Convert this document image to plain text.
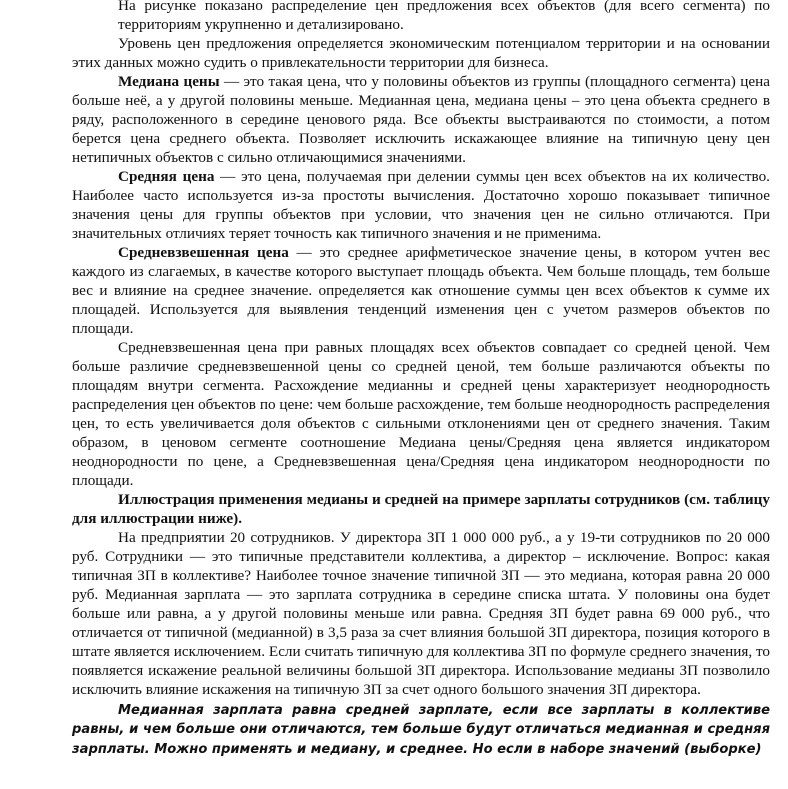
На рисунке показано распределение цен предложения всех объектов (для всего сегмента) по территориям укрупненно и детализировано.

Уровень цен предложения определяется экономическим потенциалом территории и на основании этих данных можно судить о привлекательности территории для бизнеса.

Медиана цены — это такая цена, что у половины объектов из группы (площадного сегмента) цена больше неё, а у другой половины меньше. Медианная цена, медиана цены – это цена объекта среднего в ряду, расположенного в середине ценового ряда. Все объекты выстраиваются по стоимости, а потом берется цена среднего объекта. Позволяет исключить искажающее влияние на типичную цену цен нетипичных объектов с сильно отличающимися значениями.

Средняя цена — это цена, получаемая при делении суммы цен всех объектов на их количество. Наиболее часто используется из-за простоты вычисления. Достаточно хорошо показывает типичное значения цены для группы объектов при условии, что значения цен не сильно отличаются. При значительных отличиях теряет точность как типичного значения и не применима.

Средневзвешенная цена — это среднее арифметическое значение цены, в котором учтен вес каждого из слагаемых, в качестве которого выступает площадь объекта. Чем больше площадь, тем больше вес и влияние на среднее значение. определяется как отношение суммы цен всех объектов к сумме их площадей. Используется для выявления тенденций изменения цен с учетом размеров объектов по площади.

Средневзвешенная цена при равных площадях всех объектов совпадает со средней ценой. Чем больше различие средневзвешенной цены со средней ценой, тем больше различаются объекты по площадям внутри сегмента. Расхождение медианны и средней цены характеризует неоднородность распределения цен объектов по цене: чем больше расхождение, тем больше неоднородность распределения цен, то есть увеличивается доля объектов с сильными отклонениями цен от среднего значения. Таким образом, в ценовом сегменте соотношение Медиана цены/Средняя цена является индикатором неоднородности по цене, а Средневзвешенная цена/Средняя цена индикатором неоднородности по площади.

Иллюстрация применения медианы и средней на примере зарплаты сотрудников (см. таблицу для иллюстрации ниже).

На предприятии 20 сотрудников. У директора ЗП 1 000 000 руб., а у 19-ти сотрудников по 20 000 руб. Сотрудники — это типичные представители коллектива, а директор – исключение. Вопрос: какая типичная ЗП в коллективе? Наиболее точное значение типичной ЗП — это медиана, которая равна 20 000 руб. Медианная зарплата — это зарплата сотрудника в середине списка штата. У половины она будет больше или равна, а у другой половины меньше или равна. Средняя ЗП будет равна 69 000 руб., что отличается от типичной (медианной) в 3,5 раза за счет влияния большой ЗП директора, позиция которого в штате является исключением. Если считать типичную для коллектива ЗП по формуле среднего значения, то появляется искажение реальной величины большой ЗП директора. Использование медианы ЗП позволило исключить влияние искажения на типичную ЗП за счет одного большого значения ЗП директора.

Медианная зарплата равна средней зарплате, если все зарплаты в коллективе равны, и чем больше они отличаются, тем больше будут отличаться медианная и средняя зарплаты. Можно применять и медиану, и среднее. Но если в наборе значений (выборке)
